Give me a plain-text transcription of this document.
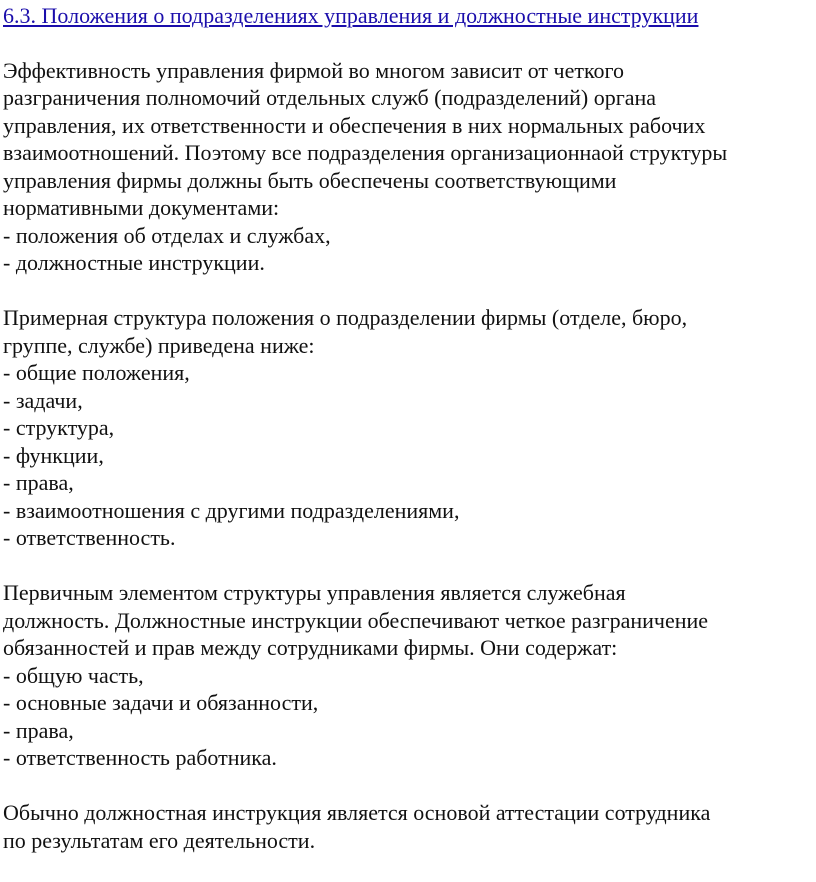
6.3. Положения о подразделениях управления и должностные инструкции
Эффективность управления фирмой во многом зависит от четкого
разграничения полномочий отдельных служб (подразделений) органа
управления, их ответственности и обеспечения в них нормальных рабочих
взаимоотношений. Поэтому все подразделения организационнаой структуры
управления фирмы должны быть обеспечены соответствующими
нормативными документами:
- положения об отделах и службах,
- должностные инструкции.
Примерная структура положения о подразделении фирмы (отделе, бюро,
группе, службе) приведена ниже:
- общие положения,
- задачи,
- структура,
- функции,
- права,
- взаимоотношения с другими подразделениями,
- ответственность.
Первичным элементом структуры управления является служебная
должность. Должностные инструкции обеспечивают четкое разграничение
обязанностей и прав между сотрудниками фирмы. Они содержат:
- общую часть,
- основные задачи и обязанности,
- права,
- ответственность работника.
Обычно должностная инструкция является основой аттестации сотрудника
по результатам его деятельности.
